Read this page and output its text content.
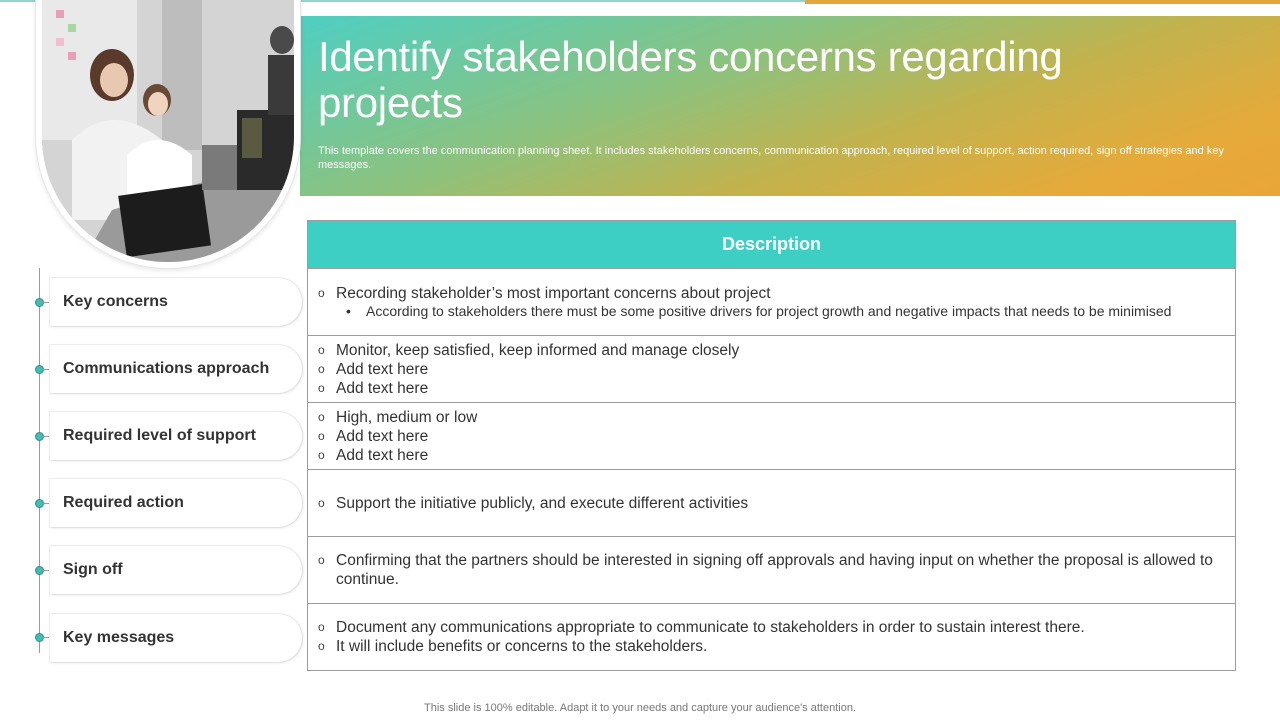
Identify stakeholders concerns regarding projects
This template covers the communication planning sheet. It includes stakeholders concerns, communication approach, required level of support, action required, sign off strategies and key messages.
Key concerns
Communications approach
Required level of support
Required action
Sign off
Key messages
Description
o Recording stakeholder’s most important concerns about project
•	According to stakeholders there must be some positive drivers for project growth and negative impacts that needs to be minimised
o Monitor, keep satisfied, keep informed and manage closely
o Add text here
o Add text here
o High, medium or low
o Add text here
o Add text here
o Support the initiative publicly, and execute different activities
o Confirming that the partners should be interested in signing off approvals and having input on whether the proposal is allowed to continue.
o Document any communications appropriate to communicate to stakeholders in order to sustain interest there.
o It will include benefits or concerns to the stakeholders.
This slide is 100% editable. Adapt it to your needs and capture your audience's attention.
